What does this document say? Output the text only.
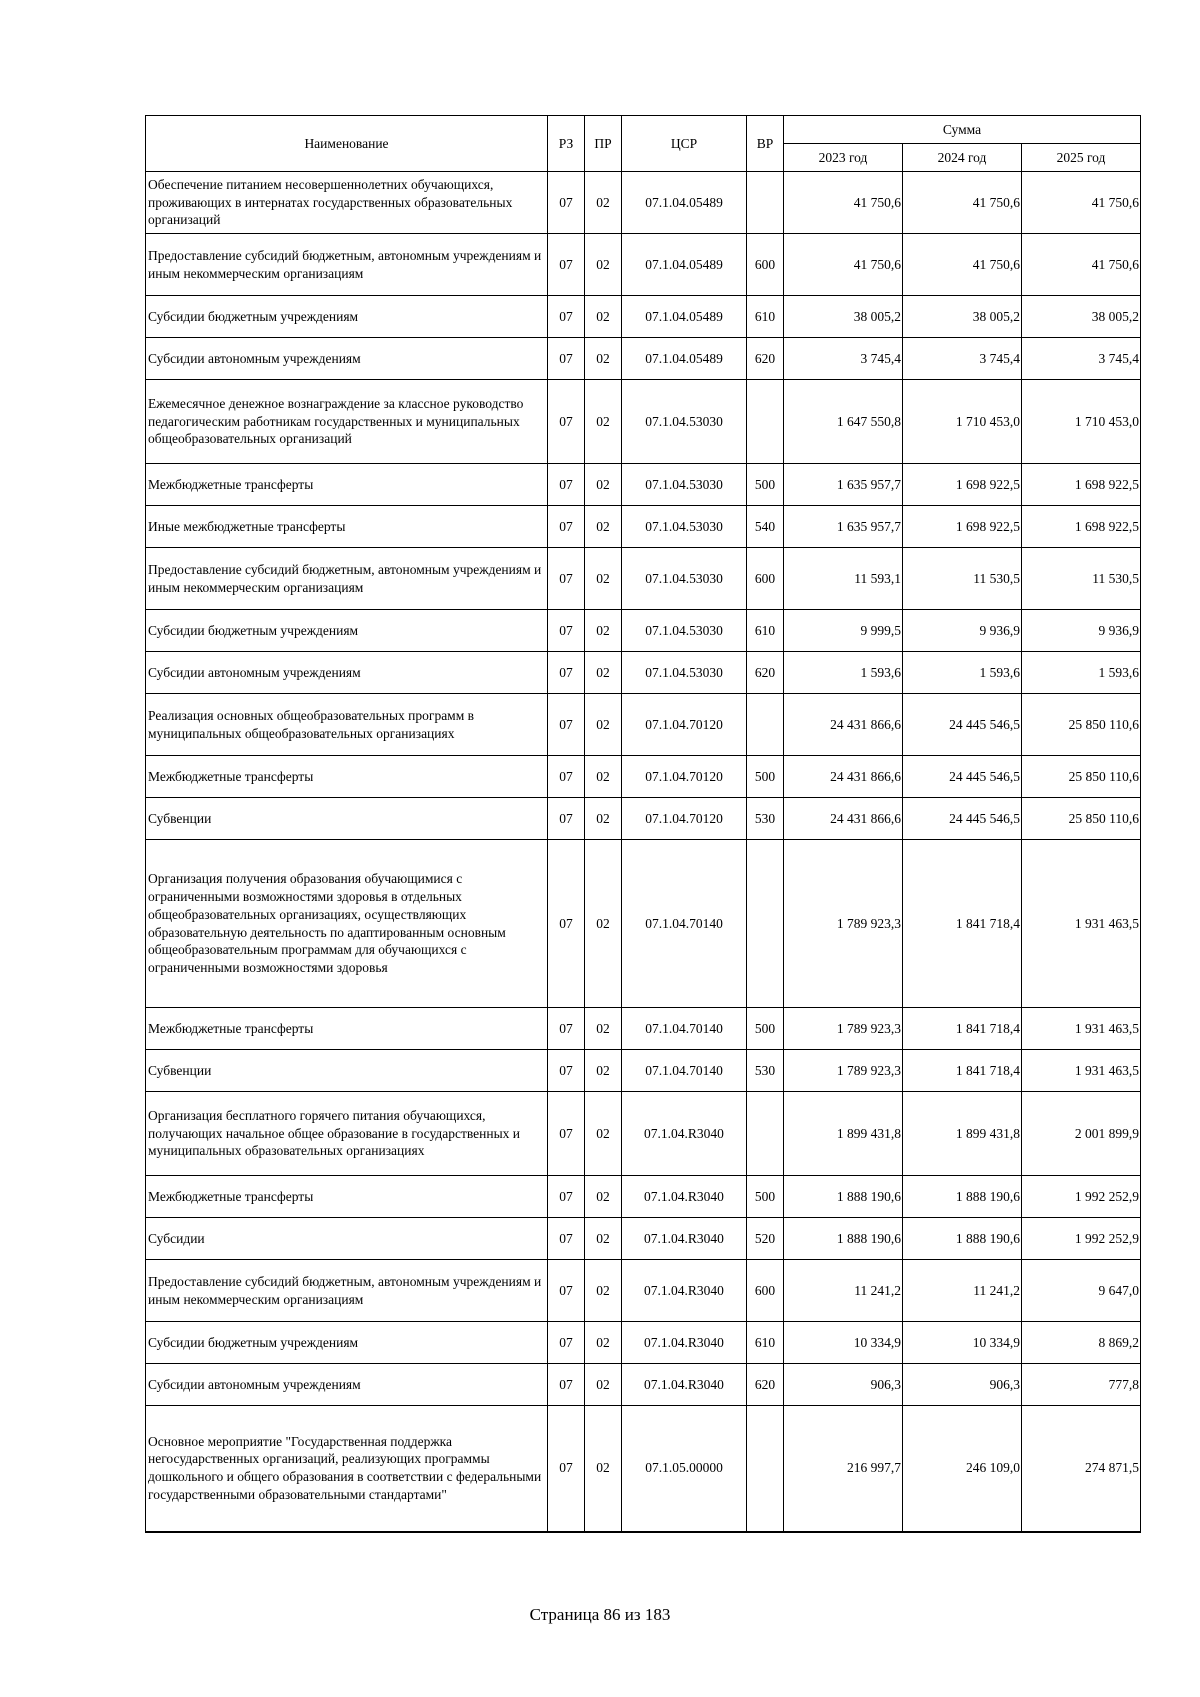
Наименование	РЗ	ПР	ЦСР	ВР	Сумма		
					2023 год	2024 год	2025 год
Обеспечение питанием несовершеннолетних обучающихся, проживающих в интернатах государственных образовательных организаций	07	02	07.1.04.05489		41 750,6	41 750,6	41 750,6
Предоставление субсидий бюджетным, автономным учреждениям и иным некоммерческим организациям	07	02	07.1.04.05489	600	41 750,6	41 750,6	41 750,6
Субсидии бюджетным учреждениям	07	02	07.1.04.05489	610	38 005,2	38 005,2	38 005,2
Субсидии автономным учреждениям	07	02	07.1.04.05489	620	3 745,4	3 745,4	3 745,4
Ежемесячное денежное вознаграждение за классное руководство педагогическим работникам государственных и муниципальных общеобразовательных организаций	07	02	07.1.04.53030		1 647 550,8	1 710 453,0	1 710 453,0
Межбюджетные трансферты	07	02	07.1.04.53030	500	1 635 957,7	1 698 922,5	1 698 922,5
Иные межбюджетные трансферты	07	02	07.1.04.53030	540	1 635 957,7	1 698 922,5	1 698 922,5
Предоставление субсидий бюджетным, автономным учреждениям и иным некоммерческим организациям	07	02	07.1.04.53030	600	11 593,1	11 530,5	11 530,5
Субсидии бюджетным учреждениям	07	02	07.1.04.53030	610	9 999,5	9 936,9	9 936,9
Субсидии автономным учреждениям	07	02	07.1.04.53030	620	1 593,6	1 593,6	1 593,6
Реализация основных общеобразовательных программ в муниципальных общеобразовательных организациях	07	02	07.1.04.70120		24 431 866,6	24 445 546,5	25 850 110,6
Межбюджетные трансферты	07	02	07.1.04.70120	500	24 431 866,6	24 445 546,5	25 850 110,6
Субвенции	07	02	07.1.04.70120	530	24 431 866,6	24 445 546,5	25 850 110,6
Организация получения образования обучающимися с ограниченными возможностями здоровья в отдельных общеобразовательных организациях, осуществляющих образовательную деятельность по адаптированным основным общеобразовательным программам для обучающихся с ограниченными возможностями здоровья	07	02	07.1.04.70140		1 789 923,3	1 841 718,4	1 931 463,5
Межбюджетные трансферты	07	02	07.1.04.70140	500	1 789 923,3	1 841 718,4	1 931 463,5
Субвенции	07	02	07.1.04.70140	530	1 789 923,3	1 841 718,4	1 931 463,5
Организация бесплатного горячего питания обучающихся, получающих начальное общее образование в государственных и муниципальных образовательных организациях	07	02	07.1.04.R3040		1 899 431,8	1 899 431,8	2 001 899,9
Межбюджетные трансферты	07	02	07.1.04.R3040	500	1 888 190,6	1 888 190,6	1 992 252,9
Субсидии	07	02	07.1.04.R3040	520	1 888 190,6	1 888 190,6	1 992 252,9
Предоставление субсидий бюджетным, автономным учреждениям и иным некоммерческим организациям	07	02	07.1.04.R3040	600	11 241,2	11 241,2	9 647,0
Субсидии бюджетным учреждениям	07	02	07.1.04.R3040	610	10 334,9	10 334,9	8 869,2
Субсидии автономным учреждениям	07	02	07.1.04.R3040	620	906,3	906,3	777,8
Основное мероприятие "Государственная поддержка негосударственных организаций, реализующих программы дошкольного и общего образования в соответствии с федеральными государственными образовательными стандартами"	07	02	07.1.05.00000		216 997,7	246 109,0	274 871,5
Страница 86 из 183
